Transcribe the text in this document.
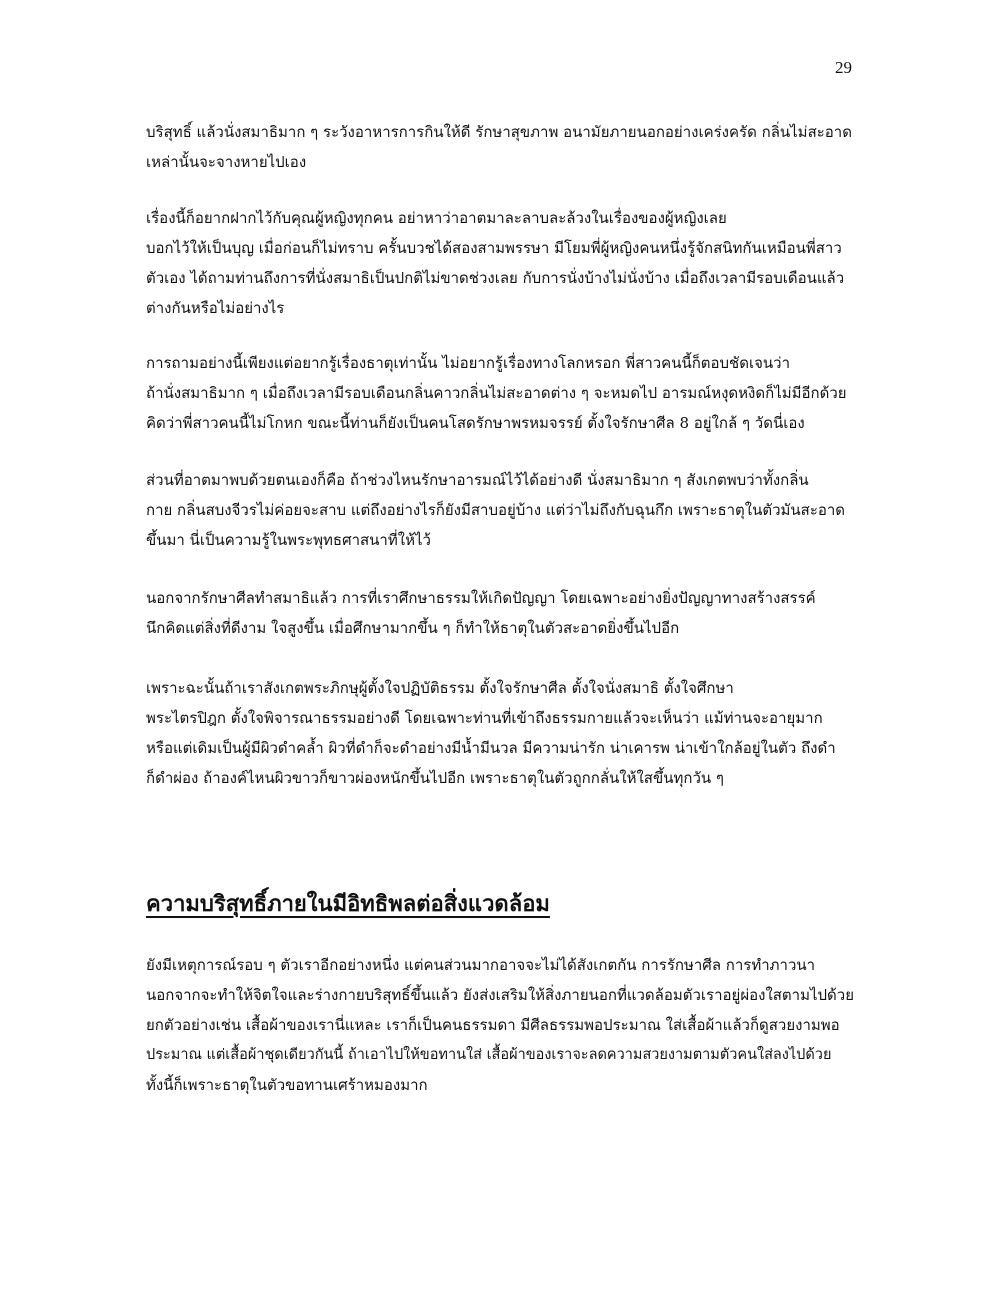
29
บริสุทธิ์ แล้วนั่งสมาธิมาก ๆ ระวังอาหารการกินให้ดี รักษาสุขภาพ อนามัยภายนอกอย่างเคร่งครัด กลิ่นไม่สะอาด
เหล่านั้นจะจางหายไปเอง
เรื่องนี้ก็อยากฝากไว้กับคุณผู้หญิงทุกคน อย่าหาว่าอาตมาละลาบละล้วงในเรื่องของผู้หญิงเลย
บอกไว้ให้เป็นบุญ เมื่อก่อนก็ไม่ทราบ ครั้นบวชได้สองสามพรรษา มีโยมพี่ผู้หญิงคนหนึ่งรู้จักสนิทกันเหมือนพี่สาว
ตัวเอง ได้ถามท่านถึงการที่นั่งสมาธิเป็นปกติไม่ขาดช่วงเลย กับการนั่งบ้างไม่นั่งบ้าง เมื่อถึงเวลามีรอบเดือนแล้ว
ต่างกันหรือไม่อย่างไร
การถามอย่างนี้เพียงแต่อยากรู้เรื่องธาตุเท่านั้น ไม่อยากรู้เรื่องทางโลกหรอก พี่สาวคนนี้ก็ตอบชัดเจนว่า
ถ้านั่งสมาธิมาก ๆ เมื่อถึงเวลามีรอบเดือนกลิ่นคาวกลิ่นไม่สะอาดต่าง ๆ จะหมดไป อารมณ์หงุดหงิดก็ไม่มีอีกด้วย
คิดว่าพี่สาวคนนี้ไม่โกหก ขณะนี้ท่านก็ยังเป็นคนโสดรักษาพรหมจรรย์ ตั้งใจรักษาศีล 8 อยู่ใกล้ ๆ วัดนี่เอง
ส่วนที่อาตมาพบด้วยตนเองก็คือ ถ้าช่วงไหนรักษาอารมณ์ไว้ได้อย่างดี นั่งสมาธิมาก ๆ สังเกตพบว่าทั้งกลิ่น
กาย กลิ่นสบงจีวรไม่ค่อยจะสาบ แต่ถึงอย่างไรก็ยังมีสาบอยู่บ้าง แต่ว่าไม่ถึงกับฉุนกึก เพราะธาตุในตัวมันสะอาด
ขึ้นมา นี่เป็นความรู้ในพระพุทธศาสนาที่ให้ไว้
นอกจากรักษาศีลทำสมาธิแล้ว การที่เราศึกษาธรรมให้เกิดปัญญา โดยเฉพาะอย่างยิ่งปัญญาทางสร้างสรรค์
นึกคิดแต่สิ่งที่ดีงาม ใจสูงขึ้น เมื่อศึกษามากขึ้น ๆ ก็ทำให้ธาตุในตัวสะอาดยิ่งขึ้นไปอีก
เพราะฉะนั้นถ้าเราสังเกตพระภิกษุผู้ตั้งใจปฏิบัติธรรม ตั้งใจรักษาศีล ตั้งใจนั่งสมาธิ ตั้งใจศึกษา
พระไตรปิฎก ตั้งใจพิจารณาธรรมอย่างดี โดยเฉพาะท่านที่เข้าถึงธรรมกายแล้วจะเห็นว่า แม้ท่านจะอายุมาก
หรือแต่เดิมเป็นผู้มีผิวดำคล้ำ ผิวที่ดำก็จะดำอย่างมีน้ำมีนวล มีความน่ารัก น่าเคารพ น่าเข้าใกล้อยู่ในตัว ถึงดำ
ก็ดำผ่อง ถ้าองค์ไหนผิวขาวก็ขาวผ่องหนักขึ้นไปอีก เพราะธาตุในตัวถูกกลั่นให้ใสขึ้นทุกวัน ๆ
ความบริสุทธิ์ภายในมีอิทธิพลต่อสิ่งแวดล้อม
ยังมีเหตุการณ์รอบ ๆ ตัวเราอีกอย่างหนึ่ง แต่คนส่วนมากอาจจะไม่ได้สังเกตกัน การรักษาศีล การทำภาวนา
นอกจากจะทำให้จิตใจและร่างกายบริสุทธิ์ขึ้นแล้ว ยังส่งเสริมให้สิ่งภายนอกที่แวดล้อมตัวเราอยู่ผ่องใสตามไปด้วย
ยกตัวอย่างเช่น เสื้อผ้าของเรานี่แหละ เราก็เป็นคนธรรมดา มีศีลธรรมพอประมาณ ใส่เสื้อผ้าแล้วก็ดูสวยงามพอ
ประมาณ แต่เสื้อผ้าชุดเดียวกันนี้ ถ้าเอาไปให้ขอทานใส่ เสื้อผ้าของเราจะลดความสวยงามตามตัวคนใส่ลงไปด้วย
ทั้งนี้ก็เพราะธาตุในตัวขอทานเศร้าหมองมาก
